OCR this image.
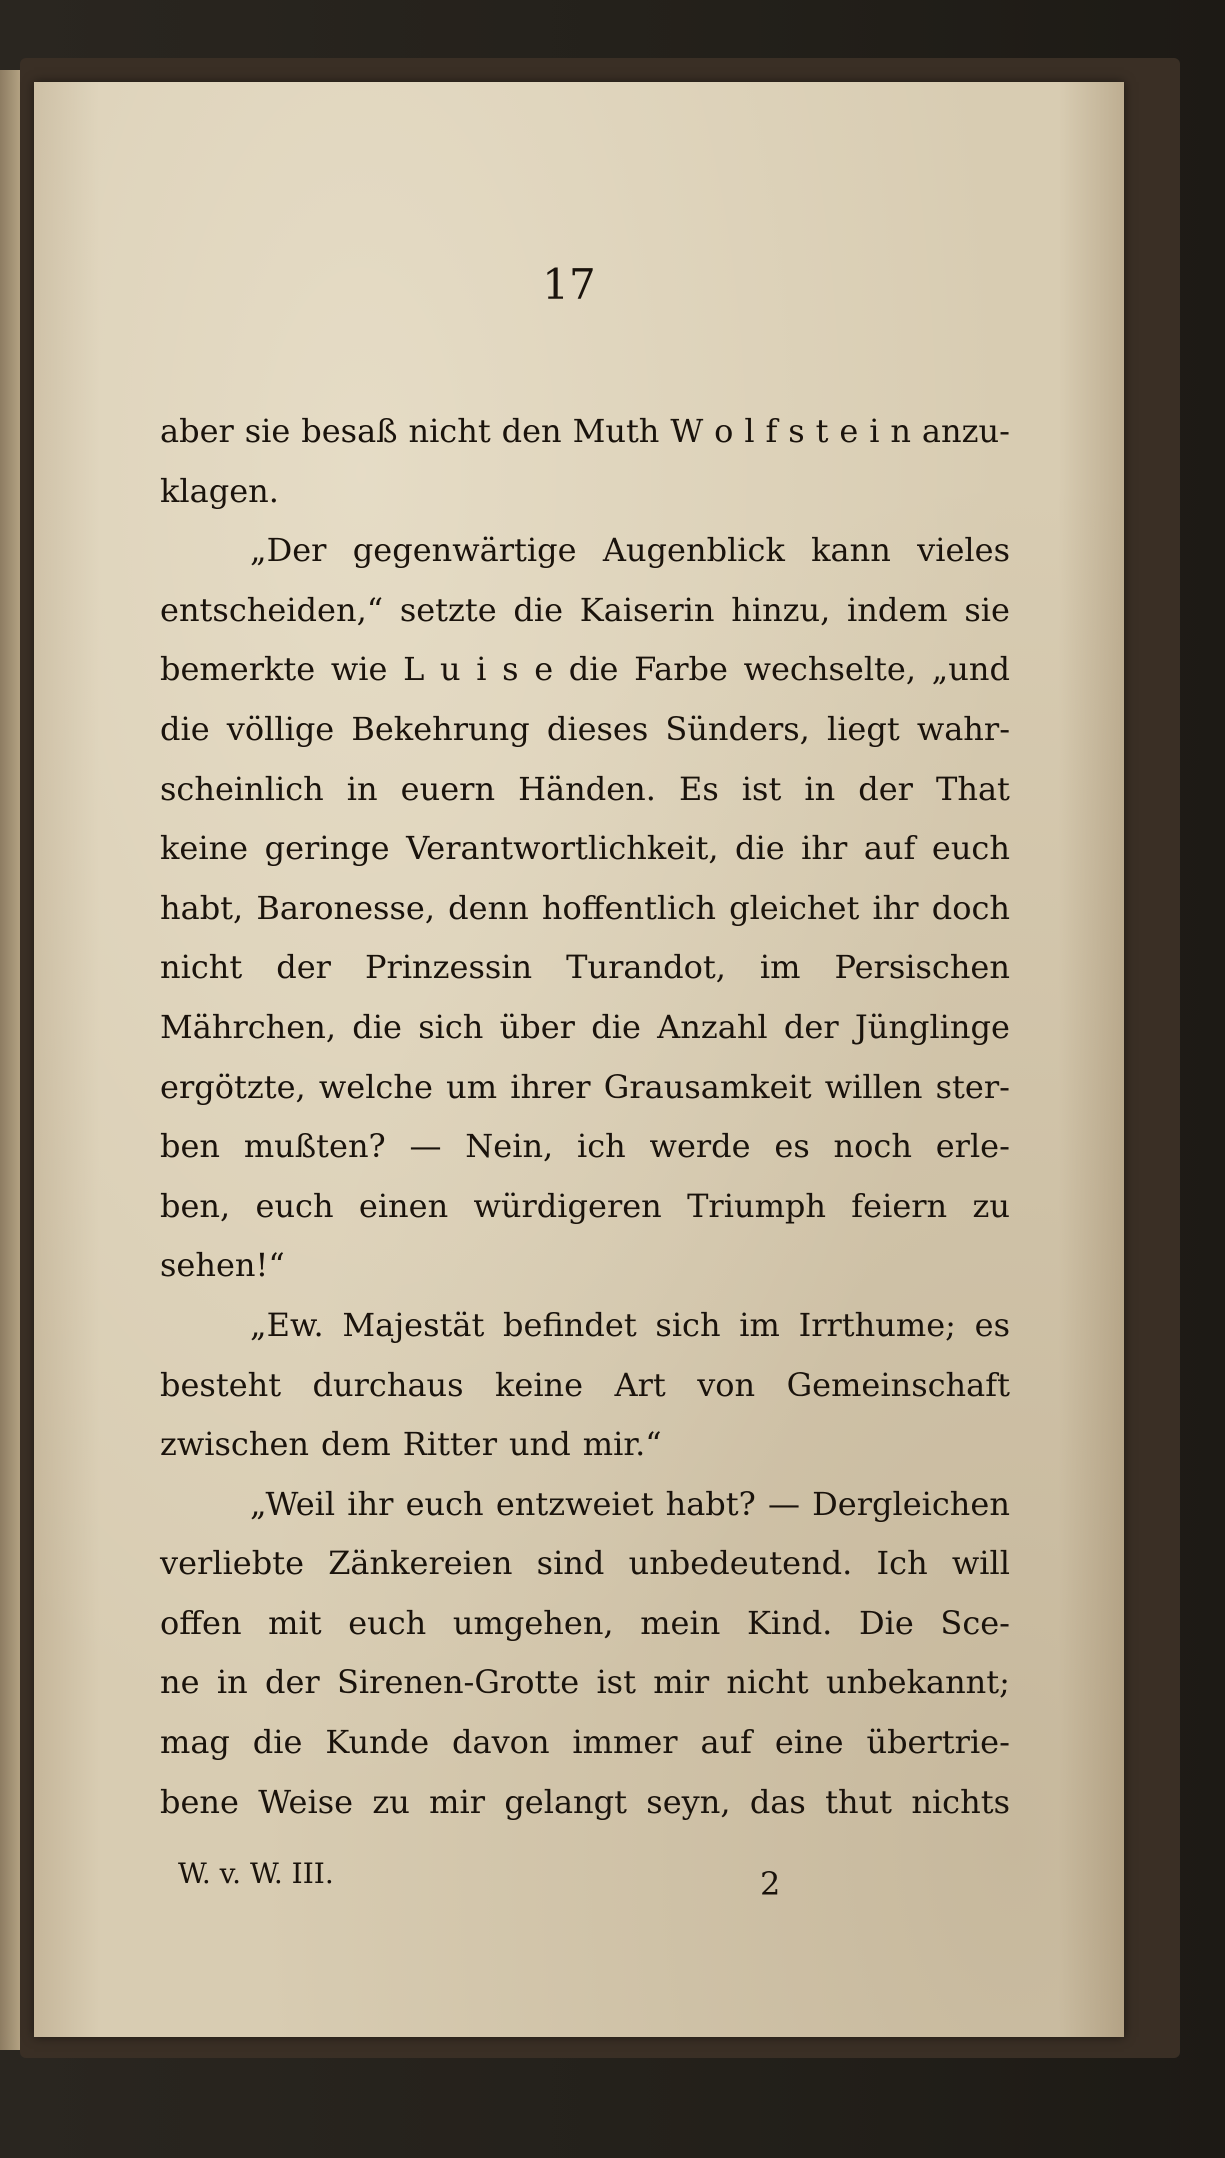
17
aber sie besaß nicht den Muth W o l f s t e i n anzu-
klagen.
„Der gegenwärtige Augenblick kann vieles
entscheiden,“ setzte die Kaiserin hinzu, indem sie
bemerkte wie L u i s e die Farbe wechselte, „und
die völlige Bekehrung dieses Sünders, liegt wahr-
scheinlich in euern Händen. Es ist in der That
keine geringe Verantwortlichkeit, die ihr auf euch
habt, Baronesse, denn hoffentlich gleichet ihr doch
nicht der Prinzessin Turandot, im Persischen
Mährchen, die sich über die Anzahl der Jünglinge
ergötzte, welche um ihrer Grausamkeit willen ster-
ben mußten? — Nein, ich werde es noch erle-
ben, euch einen würdigeren Triumph feiern zu
sehen!“
„Ew. Majestät befindet sich im Irrthume; es
besteht durchaus keine Art von Gemeinschaft
zwischen dem Ritter und mir.“
„Weil ihr euch entzweiet habt? — Dergleichen
verliebte Zänkereien sind unbedeutend. Ich will
offen mit euch umgehen, mein Kind. Die Sce-
ne in der Sirenen-Grotte ist mir nicht unbekannt;
mag die Kunde davon immer auf eine übertrie-
bene Weise zu mir gelangt seyn, das thut nichts
W. v. W. III.	2
